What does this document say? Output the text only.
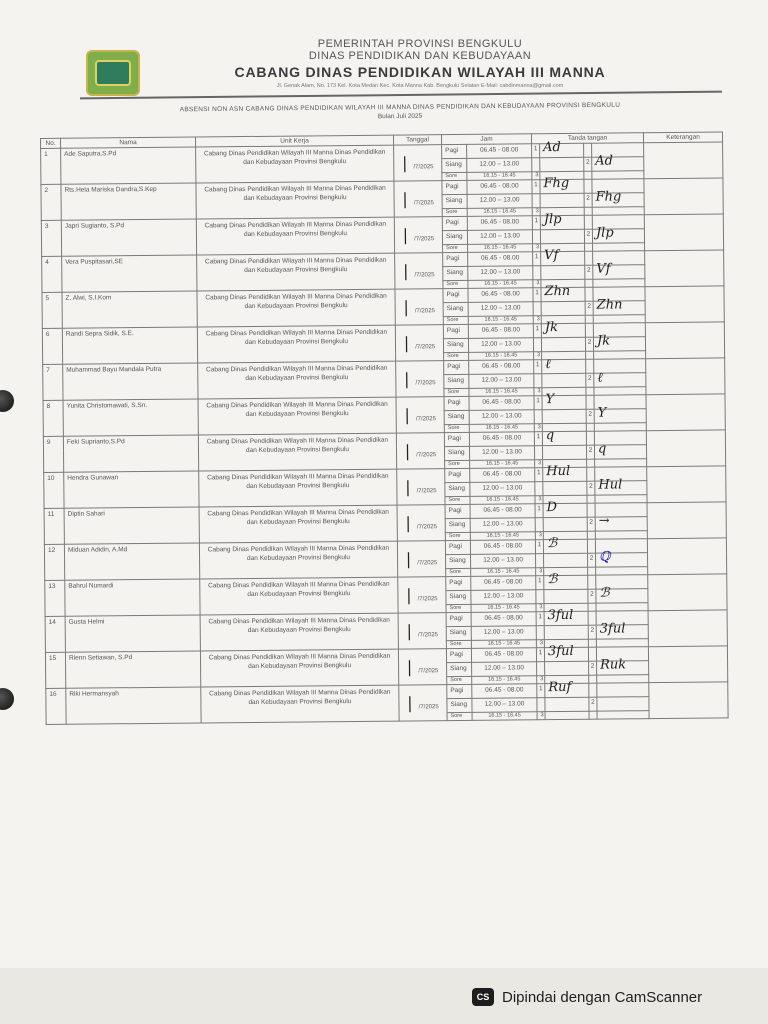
PEMERINTAH PROVINSI BENGKULU
DINAS PENDIDIKAN DAN KEBUDAYAAN
CABANG DINAS PENDIDIKAN WILAYAH III MANNA
Jl. Genak Alam, No. 173 Kel. Kota Medan Kec. Kota Manna Kab. Bengkulu Selatan E-Mail: cabdinmanna@gmail.com
ABSENSI NON ASN CABANG DINAS PENDIDIKAN WILAYAH III MANNA DINAS PENDIDIKAN DAN KEBUDAYAAN PROVINSI BENGKULU
Bulan Juli 2025
No.	Nama	Unit Kerja	Tanggal	Jam		Tanda tangan				Keterangan
1	Ade Saputra,S.Pd	Cabang Dinas Pendidikan Wilayah III Manna Dinas Pendidikan dan Kebudayaan Provinsi Bengkulu	| /7/2025	Pagi	06.45 - 08.00	1	Ad			

				Siang	12.00 – 13.00			2	Ad	

				Sore	16.15 - 16.45	3				
2	Rts.Hela Mariska Dandra,S.Kep	Cabang Dinas Pendidikan Wilayah III Manna Dinas Pendidikan dan Kebudayaan Provinsi Bengkulu	| /7/2025	Pagi	06.45 - 08.00	1	Fhg			

				Siang	12.00 – 13.00			2	Fhg	

				Sore	16.15 - 16.45	3				
3	Japri Sugianto, S.Pd	Cabang Dinas Pendidikan Wilayah III Manna Dinas Pendidikan dan Kebudayaan Provinsi Bengkulu	| /7/2025	Pagi	06.45 - 08.00	1	Jlp			

				Siang	12.00 – 13.00			2	Jlp	

				Sore	16.15 - 16.45	3				
4	Vera Puspitasari,SE	Cabang Dinas Pendidikan Wilayah III Manna Dinas Pendidikan dan Kebudayaan Provinsi Bengkulu	| /7/2025	Pagi	06.45 - 08.00	1	Vf			

				Siang	12.00 – 13.00			2	Vf	

				Sore	16.15 - 16.45	3				
5	Z. Alwi, S.I.Kom	Cabang Dinas Pendidikan Wilayah III Manna Dinas Pendidikan dan Kebudayaan Provinsi Bengkulu	| /7/2025	Pagi	06.45 - 08.00	1	Zhn			

				Siang	12.00 – 13.00			2	Zhn	

				Sore	16.15 - 16.45	3				
6	Randi Sepra Sidik, S.E.	Cabang Dinas Pendidikan Wilayah III Manna Dinas Pendidikan dan Kebudayaan Provinsi Bengkulu	| /7/2025	Pagi	06.45 - 08.00	1	Jk			

				Siang	12.00 – 13.00			2	Jk	

				Sore	16.15 - 16.45	3				
7	Muhammad Bayu Mandala Putra	Cabang Dinas Pendidikan Wilayah III Manna Dinas Pendidikan dan Kebudayaan Provinsi Bengkulu	| /7/2025	Pagi	06.45 - 08.00	1	ℓ			

				Siang	12.00 – 13.00			2	ℓ	

				Sore	16.15 - 16.45	3				
8	Yunita Christomawati, S.Sn.	Cabang Dinas Pendidikan Wilayah III Manna Dinas Pendidikan dan Kebudayaan Provinsi Bengkulu	| /7/2025	Pagi	06.45 - 08.00	1	Y			

				Siang	12.00 – 13.00			2	Y	

				Sore	16.15 - 16.45	3				
9	Feki Suprianto,S.Pd	Cabang Dinas Pendidikan Wilayah III Manna Dinas Pendidikan dan Kebudayaan Provinsi Bengkulu	| /7/2025	Pagi	06.45 - 08.00	1	q			

				Siang	12.00 – 13.00			2	q	

				Sore	16.15 - 16.45	3				
10	Hendra Gunawan	Cabang Dinas Pendidikan Wilayah III Manna Dinas Pendidikan dan Kebudayaan Provinsi Bengkulu	| /7/2025	Pagi	06.45 - 08.00	1	Hul			

				Siang	12.00 – 13.00			2	Hul	

				Sore	16.15 - 16.45	3				
11	Diptin Sahari	Cabang Dinas Pendidikan Wilayah III Manna Dinas Pendidikan dan Kebudayaan Provinsi Bengkulu	| /7/2025	Pagi	06.45 - 08.00	1	D			

				Siang	12.00 – 13.00			2	→	

				Sore	16.15 - 16.45	3				
12	Miduan Adidin, A.Md	Cabang Dinas Pendidikan Wilayah III Manna Dinas Pendidikan dan Kebudayaan Provinsi Bengkulu	| /7/2025	Pagi	06.45 - 08.00	1	ℬ			

				Siang	12.00 – 13.00			2	ℚ	

				Sore	16.15 - 16.45	3				
13	Bahrul Numardi	Cabang Dinas Pendidikan Wilayah III Manna Dinas Pendidikan dan Kebudayaan Provinsi Bengkulu	| /7/2025	Pagi	06.45 - 08.00	1	ℬ			

				Siang	12.00 – 13.00			2	ℬ	

				Sore	16.15 - 16.45	3				
14	Gusta Helmi	Cabang Dinas Pendidikan Wilayah III Manna Dinas Pendidikan dan Kebudayaan Provinsi Bengkulu	| /7/2025	Pagi	06.45 - 08.00	1	3ful			

				Siang	12.00 – 13.00			2	3ful	

				Sore	16.15 - 16.45	3				
15	Rienn Setiawan, S.Pd	Cabang Dinas Pendidikan Wilayah III Manna Dinas Pendidikan dan Kebudayaan Provinsi Bengkulu	| /7/2025	Pagi	06.45 - 08.00	1	3ful			

				Siang	12.00 – 13.00			2	Ruk	

				Sore	16.15 - 16.45	3				
16	Riki Hermansyah	Cabang Dinas Pendidikan Wilayah III Manna Dinas Pendidikan dan Kebudayaan Provinsi Bengkulu	| /7/2025	Pagi	06.45 - 08.00	1	Ruf			

				Siang	12.00 – 13.00			2		

				Sore	16.15 - 16.45	3				
CS Dipindai dengan CamScanner
